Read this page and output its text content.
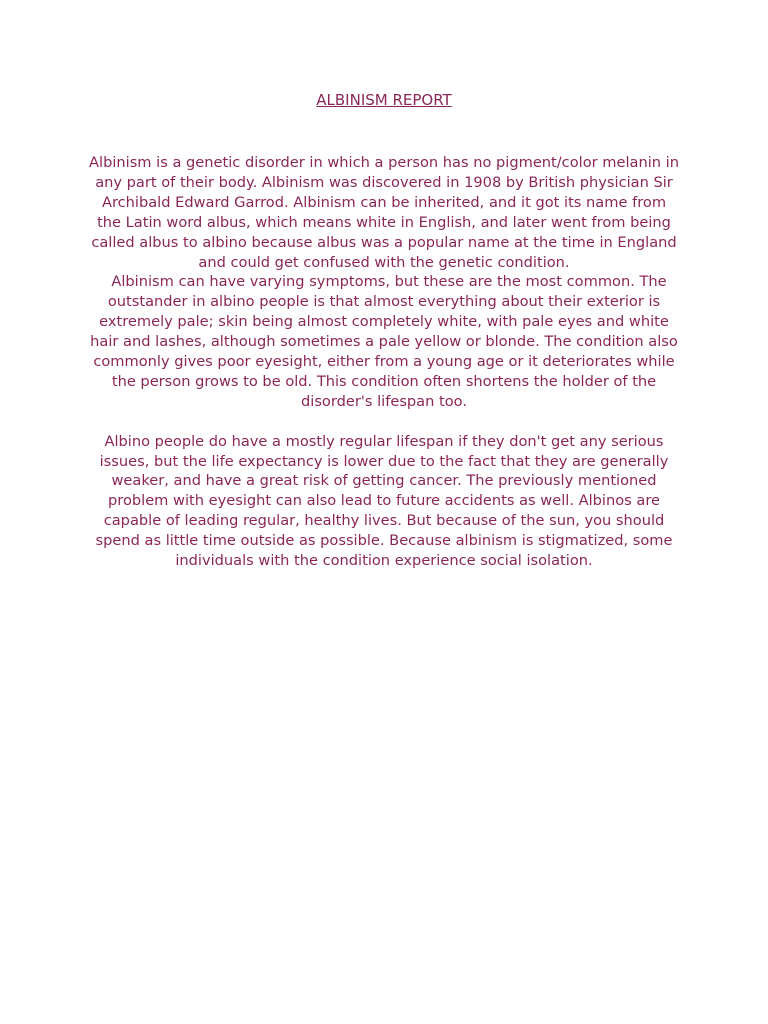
ALBINISM REPORT

Albinism is a genetic disorder in which a person has no pigment/color melanin in any part of their body. Albinism was discovered in 1908 by British physician Sir Archibald Edward Garrod. Albinism can be inherited, and it got its name from the Latin word albus, which means white in English, and later went from being called albus to albino because albus was a popular name at the time in England and could get confused with the genetic condition.

Albinism can have varying symptoms, but these are the most common. The outstander in albino people is that almost everything about their exterior is extremely pale; skin being almost completely white, with pale eyes and white hair and lashes, although sometimes a pale yellow or blonde. The condition also commonly gives poor eyesight, either from a young age or it deteriorates while the person grows to be old. This condition often shortens the holder of the disorder's lifespan too.

Albino people do have a mostly regular lifespan if they don't get any serious issues, but the life expectancy is lower due to the fact that they are generally weaker, and have a great risk of getting cancer. The previously mentioned problem with eyesight can also lead to future accidents as well. Albinos are capable of leading regular, healthy lives. But because of the sun, you should spend as little time outside as possible. Because albinism is stigmatized, some individuals with the condition experience social isolation.
